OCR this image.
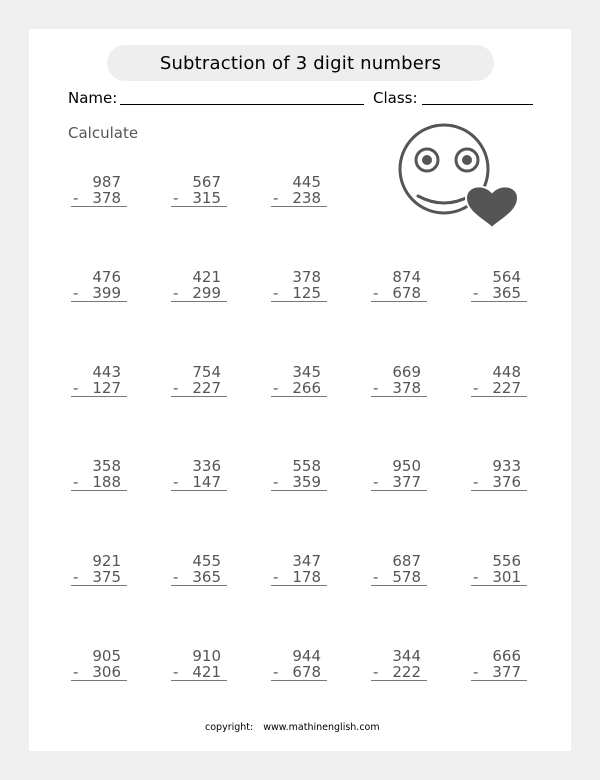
Subtraction of 3 digit numbers
Name:	Class:
Calculate
987
- 378
567
- 315
445
- 238
476
- 399
421
- 299
378
- 125
874
- 678
564
- 365
443
- 127
754
- 227
345
- 266
669
- 378
448
- 227
358
- 188
336
- 147
558
- 359
950
- 377
933
- 376
921
- 375
455
- 365
347
- 178
687
- 578
556
- 301
905
- 306
910
- 421
944
- 678
344
- 222
666
- 377
copyright: www.mathinenglish.com
